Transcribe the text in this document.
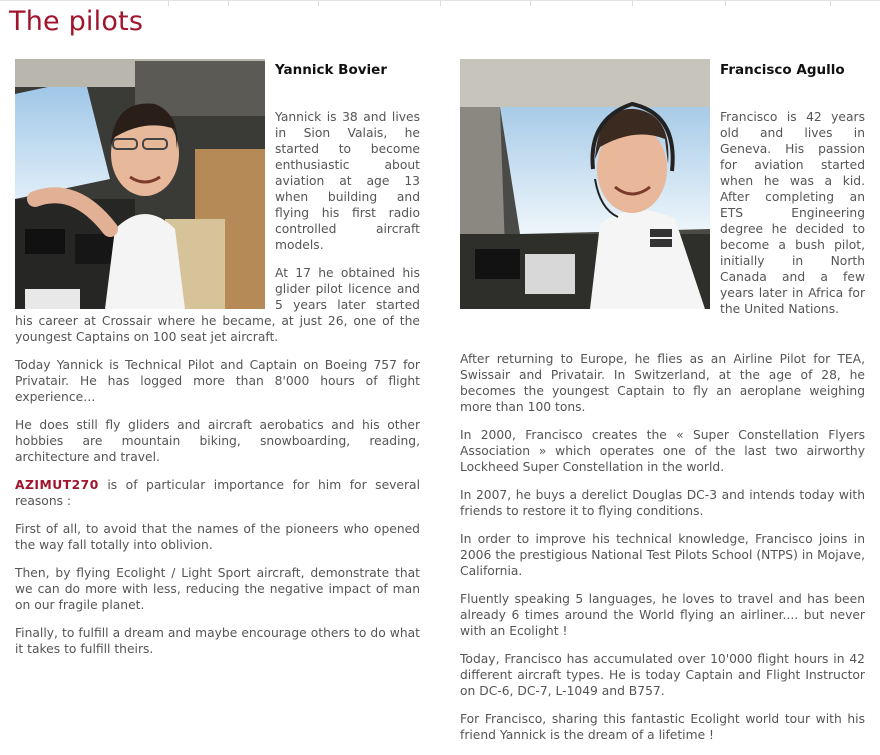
The pilots
Yannick Bovier

Yannick is 38 and lives in Sion Valais, he started to become enthusiastic about aviation at age 13 when building and flying his first radio controlled aircraft models.

At 17 he obtained his glider pilot licence and 5 years later started his career at Crossair where he became, at just 26, one of the youngest Captains on 100 seat jet aircraft.

Today Yannick is Technical Pilot and Captain on Boeing 757 for Privatair. He has logged more than 8'000 hours of flight experience…

He does still fly gliders and aircraft aerobatics and his other hobbies are mountain biking, snowboarding, reading, architecture and travel.

AZIMUT270 is of particular importance for him for several reasons :

First of all, to avoid that the names of the pioneers who opened the way fall totally into oblivion.

Then, by flying Ecolight / Light Sport aircraft, demonstrate that we can do more with less, reducing the negative impact of man on our fragile planet.

Finally, to fulfill a dream and maybe encourage others to do what it takes to fulfill theirs.

Francisco Agullo

Francisco is 42 years old and lives in Geneva. His passion for aviation started when he was a kid. After completing an ETS Engineering degree he decided to become a bush pilot, initially in North Canada and a few years later in Africa for the United Nations.

After returning to Europe, he flies as an Airline Pilot for TEA, Swissair and Privatair. In Switzerland, at the age of 28, he becomes the youngest Captain to fly an aeroplane weighing more than 100 tons.

In 2000, Francisco creates the « Super Constellation Flyers Association » which operates one of the last two airworthy Lockheed Super Constellation in the world.

In 2007, he buys a derelict Douglas DC-3 and intends today with friends to restore it to flying conditions.

In order to improve his technical knowledge, Francisco joins in 2006 the prestigious National Test Pilots School (NTPS) in Mojave, California.

Fluently speaking 5 languages, he loves to travel and has been already 6 times around the World flying an airliner.... but never with an Ecolight !

Today, Francisco has accumulated over 10'000 flight hours in 42 different aircraft types. He is today Captain and Flight Instructor on DC-6, DC-7, L-1049 and B757.

For Francisco, sharing this fantastic Ecolight world tour with his friend Yannick is the dream of a lifetime !
